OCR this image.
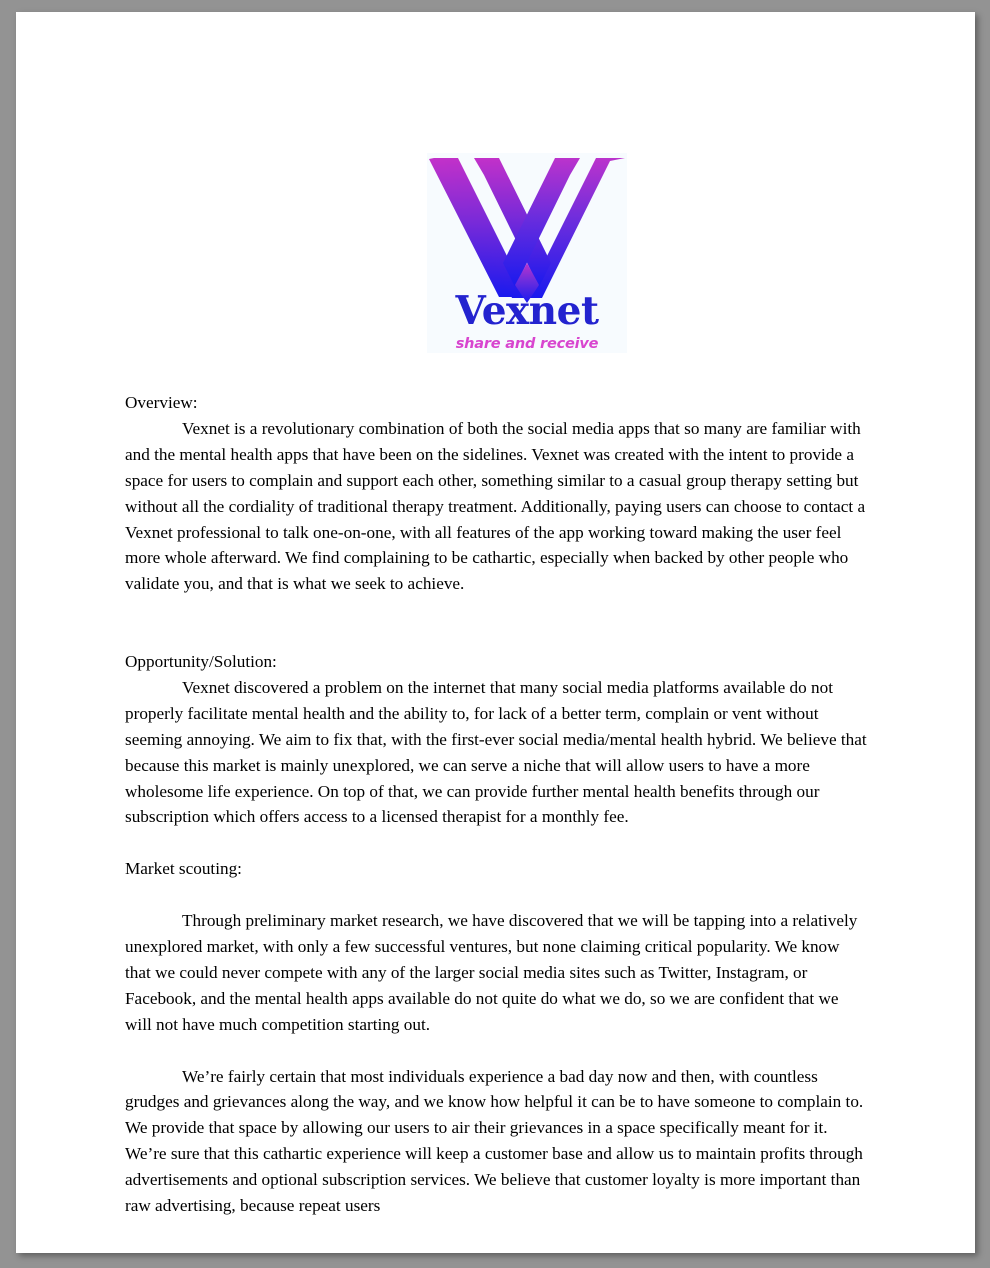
Vexnet
share and receive

Overview:

Vexnet is a revolutionary combination of both the social media apps that so many are familiar with and the mental health apps that have been on the sidelines. Vexnet was created with the intent to provide a space for users to complain and support each other, something similar to a casual group therapy setting but without all the cordiality of traditional therapy treatment. Additionally, paying users can choose to contact a Vexnet professional to talk one-on-one, with all features of the app working toward making the user feel more whole afterward. We find complaining to be cathartic, especially when backed by other people who validate you, and that is what we seek to achieve.

Opportunity/Solution:

Vexnet discovered a problem on the internet that many social media platforms available do not properly facilitate mental health and the ability to, for lack of a better term, complain or vent without seeming annoying. We aim to fix that, with the first-ever social media/mental health hybrid. We believe that because this market is mainly unexplored, we can serve a niche that will allow users to have a more wholesome life experience. On top of that, we can provide further mental health benefits through our subscription which offers access to a licensed therapist for a monthly fee.

Market scouting:

Through preliminary market research, we have discovered that we will be tapping into a relatively unexplored market, with only a few successful ventures, but none claiming critical popularity. We know that we could never compete with any of the larger social media sites such as Twitter, Instagram, or Facebook, and the mental health apps available do not quite do what we do, so we are confident that we will not have much competition starting out.

We’re fairly certain that most individuals experience a bad day now and then, with countless grudges and grievances along the way, and we know how helpful it can be to have someone to complain to. We provide that space by allowing our users to air their grievances in a space specifically meant for it. We’re sure that this cathartic experience will keep a customer base and allow us to maintain profits through advertisements and optional subscription services. We believe that customer loyalty is more important than raw advertising, because repeat users
